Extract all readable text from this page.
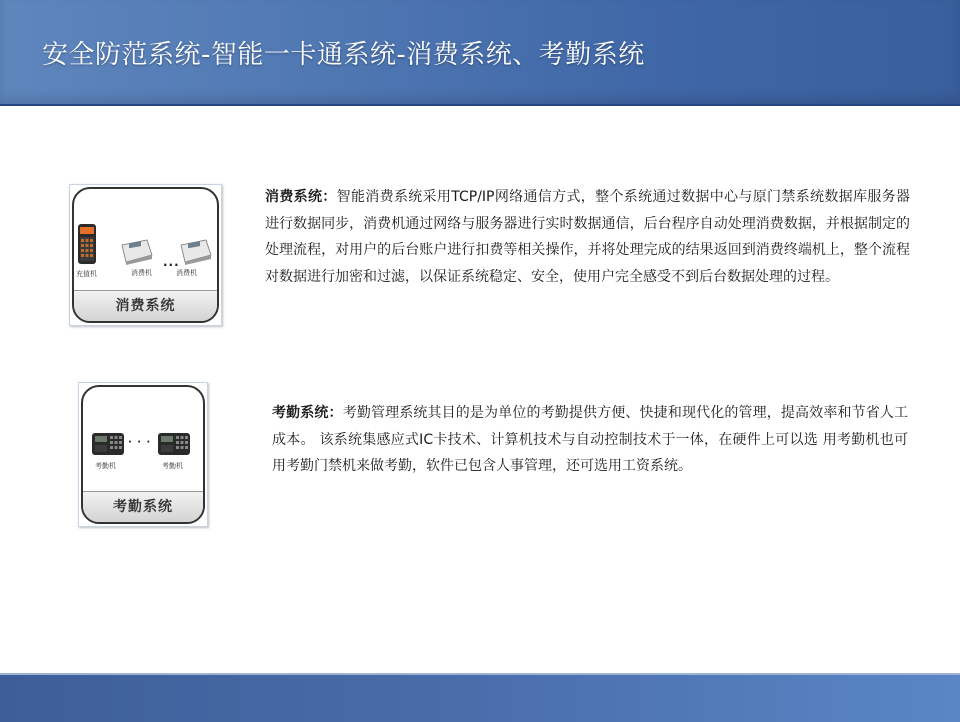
安全防范系统-智能一卡通系统-消费系统、考勤系统
充值机	消费机
...
消费机
消费系统
消费系统：智能消费系统采用TCP/IP网络通信方式，整个系统通过数据中心与原门禁系统数据库服务器进行数据同步，消费机通过网络与服务器进行实时数据通信，后台程序自动处理消费数据，并根据制定的处理流程，对用户的后台账户进行扣费等相关操作，并将处理完成的结果返回到消费终端机上，整个流程对数据进行加密和过滤，以保证系统稳定、安全，使用户完全感受不到后台数据处理的过程。
考勤机
· · ·
考勤机
考勤系统
考勤系统：考勤管理系统其目的是为单位的考勤提供方便、快捷和现代化的管理，提高效率和节省人工成本。 该系统集感应式IC卡技术、计算机技术与自动控制技术于一体，在硬件上可以选 用考勤机也可用考勤门禁机来做考勤，软件已包含人事管理，还可选用工资系统。
